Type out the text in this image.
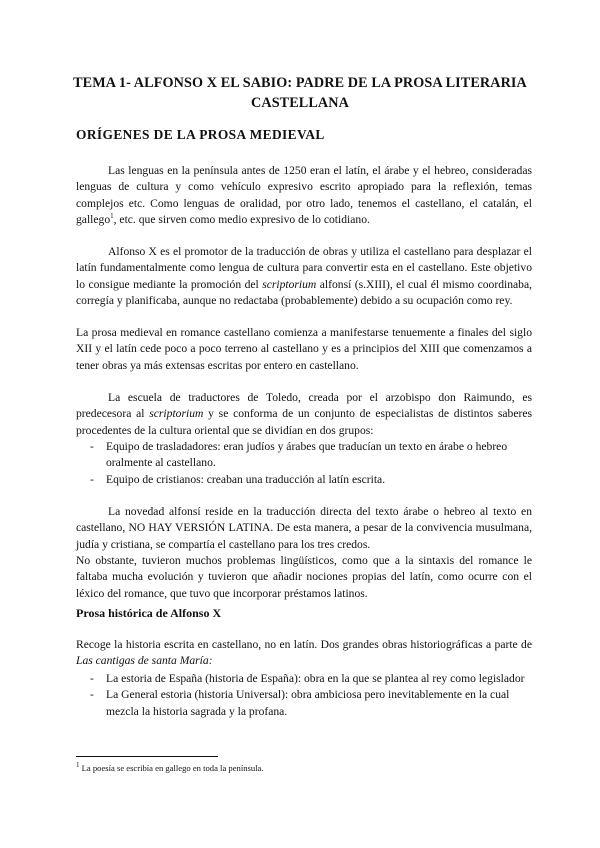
TEMA 1- ALFONSO X EL SABIO: PADRE DE LA PROSA LITERARIA CASTELLANA
ORÍGENES DE LA PROSA MEDIEVAL

Las lenguas en la península antes de 1250 eran el latín, el árabe y el hebreo, consideradas lenguas de cultura y como vehículo expresivo escrito apropiado para la reflexión, temas complejos etc. Como lenguas de oralidad, por otro lado, tenemos el castellano, el catalán, el gallego$^1$, etc. que sirven como medio expresivo de lo cotidiano.

Alfonso X es el promotor de la traducción de obras y utiliza el castellano para desplazar el latín fundamentalmente como lengua de cultura para convertir esta en el castellano. Este objetivo lo consigue mediante la promoción del scriptorium alfonsí (s.XIII), el cual él mismo coordinaba, corregía y planificaba, aunque no redactaba (probablemente) debido a su ocupación como rey.

La prosa medieval en romance castellano comienza a manifestarse tenuemente a finales del siglo XII y el latín cede poco a poco terreno al castellano y es a principios del XIII que comenzamos a tener obras ya más extensas escritas por entero en castellano.

La escuela de traductores de Toledo, creada por el arzobispo don Raimundo, es predecesora al scriptorium y se conforma de un conjunto de especialistas de distintos saberes procedentes de la cultura oriental que se dividían en dos grupos:

- Equipo de trasladadores: eran judíos y árabes que traducían un texto en árabe o hebreo oralmente al castellano.
- Equipo de cristianos: creaban una traducción al latín escrita.

La novedad alfonsí reside en la traducción directa del texto árabe o hebreo al texto en castellano, NO HAY VERSIÓN LATINA. De esta manera, a pesar de la convivencia musulmana, judía y cristiana, se compartía el castellano para los tres credos.

No obstante, tuvieron muchos problemas lingüísticos, como que a la sintaxis del romance le faltaba mucha evolución y tuvieron que añadir nociones propias del latín, como ocurre con el léxico del romance, que tuvo que incorporar préstamos latinos.

Prosa histórica de Alfonso X

Recoge la historia escrita en castellano, no en latín. Dos grandes obras historiográficas a parte de Las cantigas de santa María:

- La estoria de España (historia de España): obra en la que se plantea al rey como legislador
- La General estoria (historia Universal): obra ambiciosa pero inevitablemente en la cual mezcla la historia sagrada y la profana.
$^1$ La poesía se escribía en gallego en toda la península.
